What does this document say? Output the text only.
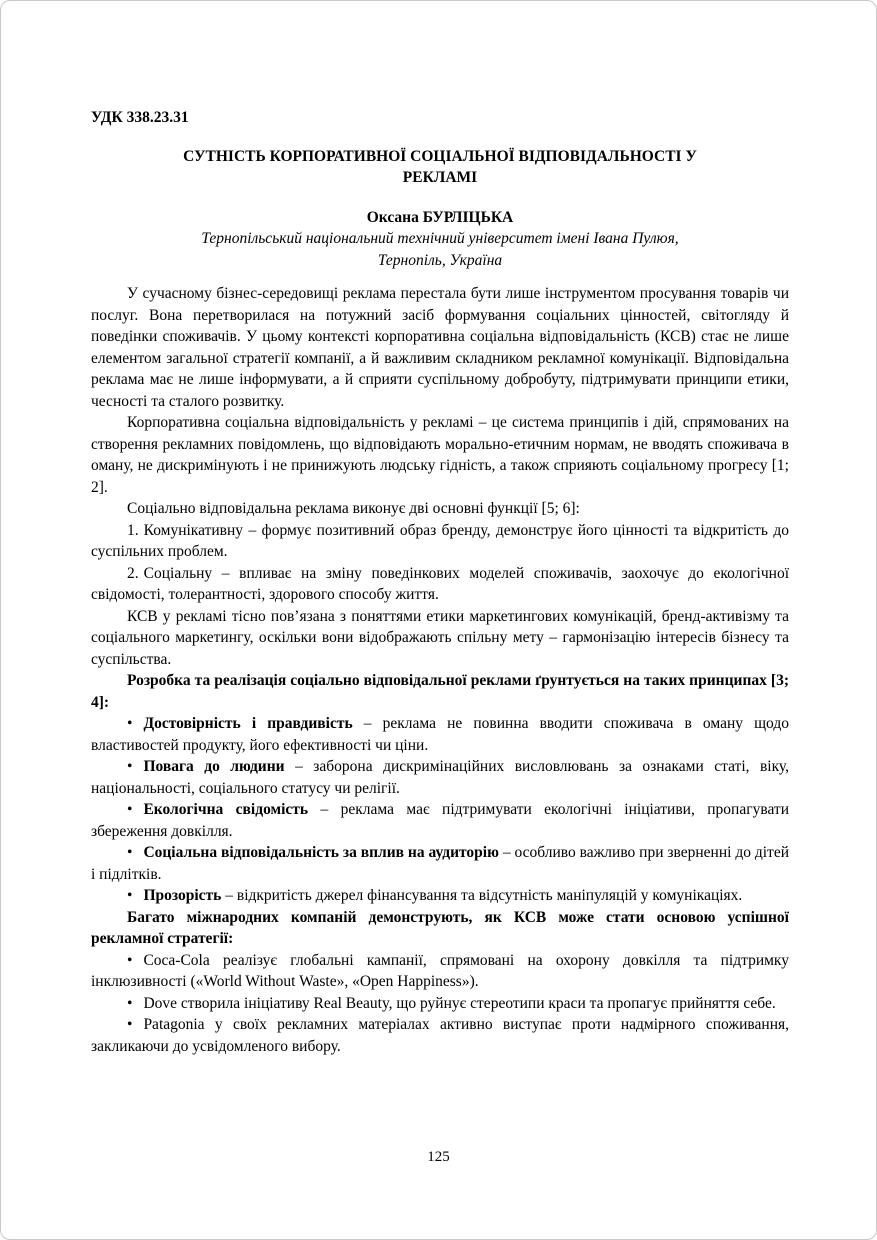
УДК 338.23.31
СУТНІСТЬ КОРПОРАТИВНОЇ СОЦІАЛЬНОЇ ВІДПОВІДАЛЬНОСТІ У
РЕКЛАМІ
Оксана БУРЛІЦЬКА
Тернопільський національний технічний університет імені Івана Пулюя,
Тернопіль, Україна

У сучасному бізнес-середовищі реклама перестала бути лише інструментом просування товарів чи послуг. Вона перетворилася на потужний засіб формування соціальних цінностей, світогляду й поведінки споживачів. У цьому контексті корпоративна соціальна відповідальність (КСВ) стає не лише елементом загальної стратегії компанії, а й важливим складником рекламної комунікації. Відповідальна реклама має не лише інформувати, а й сприяти суспільному добробуту, підтримувати принципи етики, чесності та сталого розвитку.

Корпоративна соціальна відповідальність у рекламі – це система принципів і дій, спрямованих на створення рекламних повідомлень, що відповідають морально-етичним нормам, не вводять споживача в оману, не дискримінують і не принижують людську гідність, а також сприяють соціальному прогресу [1; 2].

Соціально відповідальна реклама виконує дві основні функції [5; 6]:

1. Комунікативну – формує позитивний образ бренду, демонструє його цінності та відкритість до суспільних проблем.

2. Соціальну – впливає на зміну поведінкових моделей споживачів, заохочує до екологічної свідомості, толерантності, здорового способу життя.

КСВ у рекламі тісно пов’язана з поняттями етики маркетингових комунікацій, бренд-активізму та соціального маркетингу, оскільки вони відображають спільну мету – гармонізацію інтересів бізнесу та суспільства.

Розробка та реалізація соціально відповідальної реклами ґрунтується на таких принципах [3; 4]:

• Достовірність і правдивість – реклама не повинна вводити споживача в оману щодо властивостей продукту, його ефективності чи ціни.

• Повага до людини – заборона дискримінаційних висловлювань за ознаками статі, віку, національності, соціального статусу чи релігії.

• Екологічна свідомість – реклама має підтримувати екологічні ініціативи, пропагувати збереження довкілля.

• Соціальна відповідальність за вплив на аудиторію – особливо важливо при зверненні до дітей і підлітків.

• Прозорість – відкритість джерел фінансування та відсутність маніпуляцій у комунікаціях.

Багато міжнародних компаній демонструють, як КСВ може стати основою успішної рекламної стратегії:

• Coca-Cola реалізує глобальні кампанії, спрямовані на охорону довкілля та підтримку інклюзивності («World Without Waste», «Open Happiness»).

• Dove створила ініціативу Real Beauty, що руйнує стереотипи краси та пропагує прийняття себе.

• Patagonia у своїх рекламних матеріалах активно виступає проти надмірного споживання, закликаючи до усвідомленого вибору.

125
